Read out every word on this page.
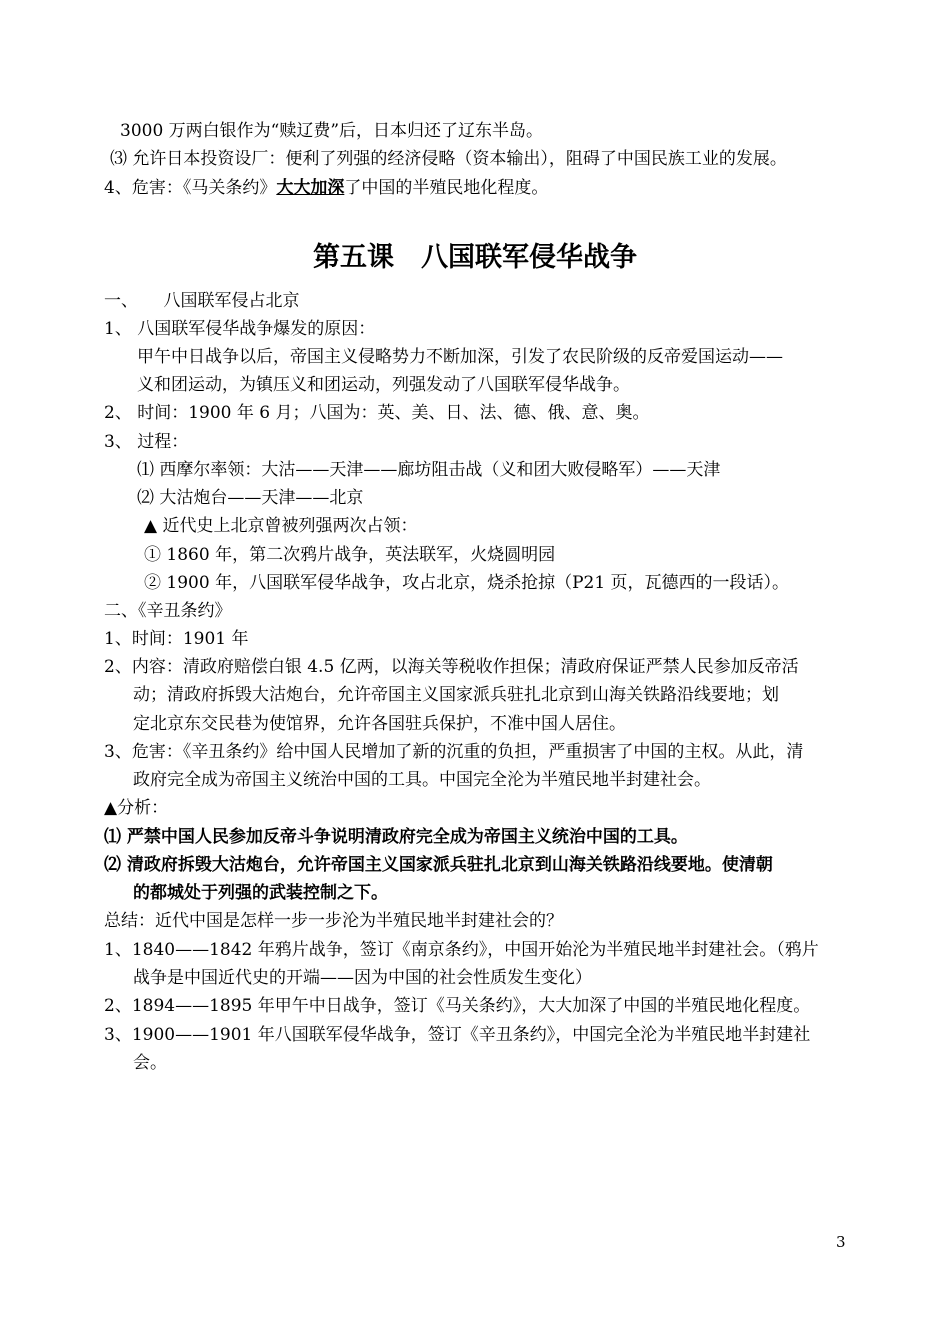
3000 万两白银作为“赎辽费”后，日本归还了辽东半岛。
⑶ 允许日本投资设厂：便利了列强的经济侵略（资本输出），阻碍了中国民族工业的发展。
4、危害：《马关条约》大大加深了中国的半殖民地化程度。
第五课　八国联军侵华战争
一、　　八国联军侵占北京
1、 八国联军侵华战争爆发的原因：
甲午中日战争以后，帝国主义侵略势力不断加深，引发了农民阶级的反帝爱国运动——
义和团运动，为镇压义和团运动，列强发动了八国联军侵华战争。
2、 时间：1900 年 6 月；八国为：英、美、日、法、德、俄、意、奥。
3、 过程：
⑴ 西摩尔率领：大沽——天津——廊坊阻击战（义和团大败侵略军）——天津
⑵ 大沽炮台——天津——北京
▲ 近代史上北京曾被列强两次占领：
① 1860 年，第二次鸦片战争，英法联军，火烧圆明园
② 1900 年，八国联军侵华战争，攻占北京，烧杀抢掠（P21 页，瓦德西的一段话）。
二、《辛丑条约》
1、时间：1901 年
2、内容：清政府赔偿白银 4.5 亿两，以海关等税收作担保；清政府保证严禁人民参加反帝活
动；清政府拆毁大沽炮台，允许帝国主义国家派兵驻扎北京到山海关铁路沿线要地；划
定北京东交民巷为使馆界，允许各国驻兵保护，不准中国人居住。
3、危害：《辛丑条约》给中国人民增加了新的沉重的负担，严重损害了中国的主权。从此，清
政府完全成为帝国主义统治中国的工具。中国完全沦为半殖民地半封建社会。
▲分析：
⑴ 严禁中国人民参加反帝斗争说明清政府完全成为帝国主义统治中国的工具。
⑵ 清政府拆毁大沽炮台，允许帝国主义国家派兵驻扎北京到山海关铁路沿线要地。使清朝
的都城处于列强的武装控制之下。
总结：近代中国是怎样一步一步沦为半殖民地半封建社会的？
1、1840——1842 年鸦片战争，签订《南京条约》，中国开始沦为半殖民地半封建社会。（鸦片
战争是中国近代史的开端——因为中国的社会性质发生变化）
2、1894——1895 年甲午中日战争，签订《马关条约》，大大加深了中国的半殖民地化程度。
3、1900——1901 年八国联军侵华战争，签订《辛丑条约》，中国完全沦为半殖民地半封建社
会。
3
